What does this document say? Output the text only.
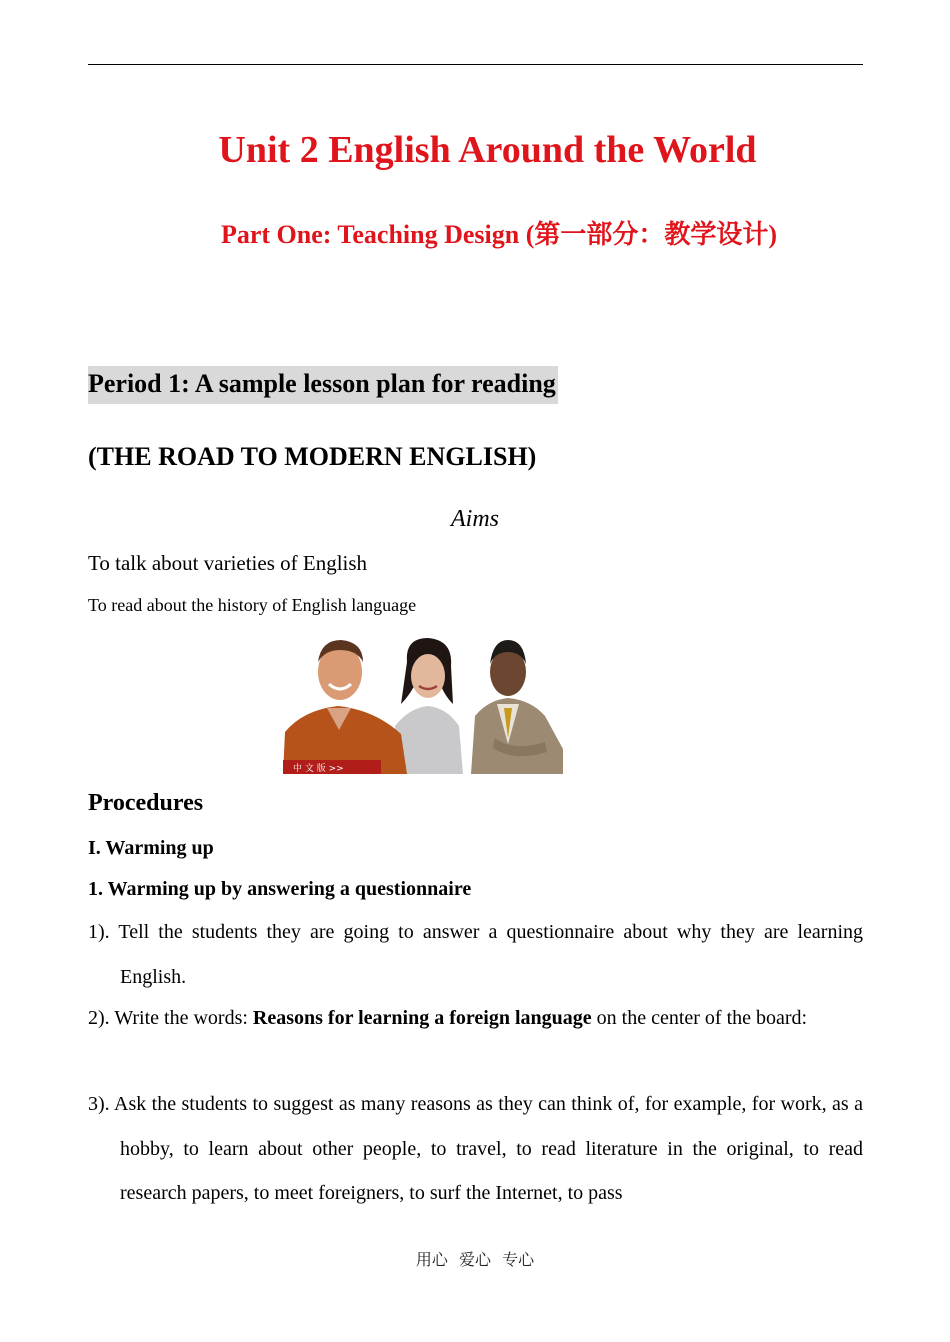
Unit 2 English Around the World
Part One: Teaching Design (第一部分：教学设计)
Period 1: A sample lesson plan for reading
(THE ROAD TO MODERN ENGLISH)
Aims
To talk about varieties of English
To read about the history of English language
中 文 版 >>
Procedures
I. Warming up
1. Warming up by answering a questionnaire
1). Tell the students they are going to answer a questionnaire about why they are learning English.
2). Write the words: Reasons for learning a foreign language on the center of the board:
3). Ask the students to suggest as many reasons as they can think of, for example, for work, as a hobby, to learn about other people, to travel, to read literature in the original, to read research papers, to meet foreigners, to surf the Internet, to pass
用心 爱心 专心
